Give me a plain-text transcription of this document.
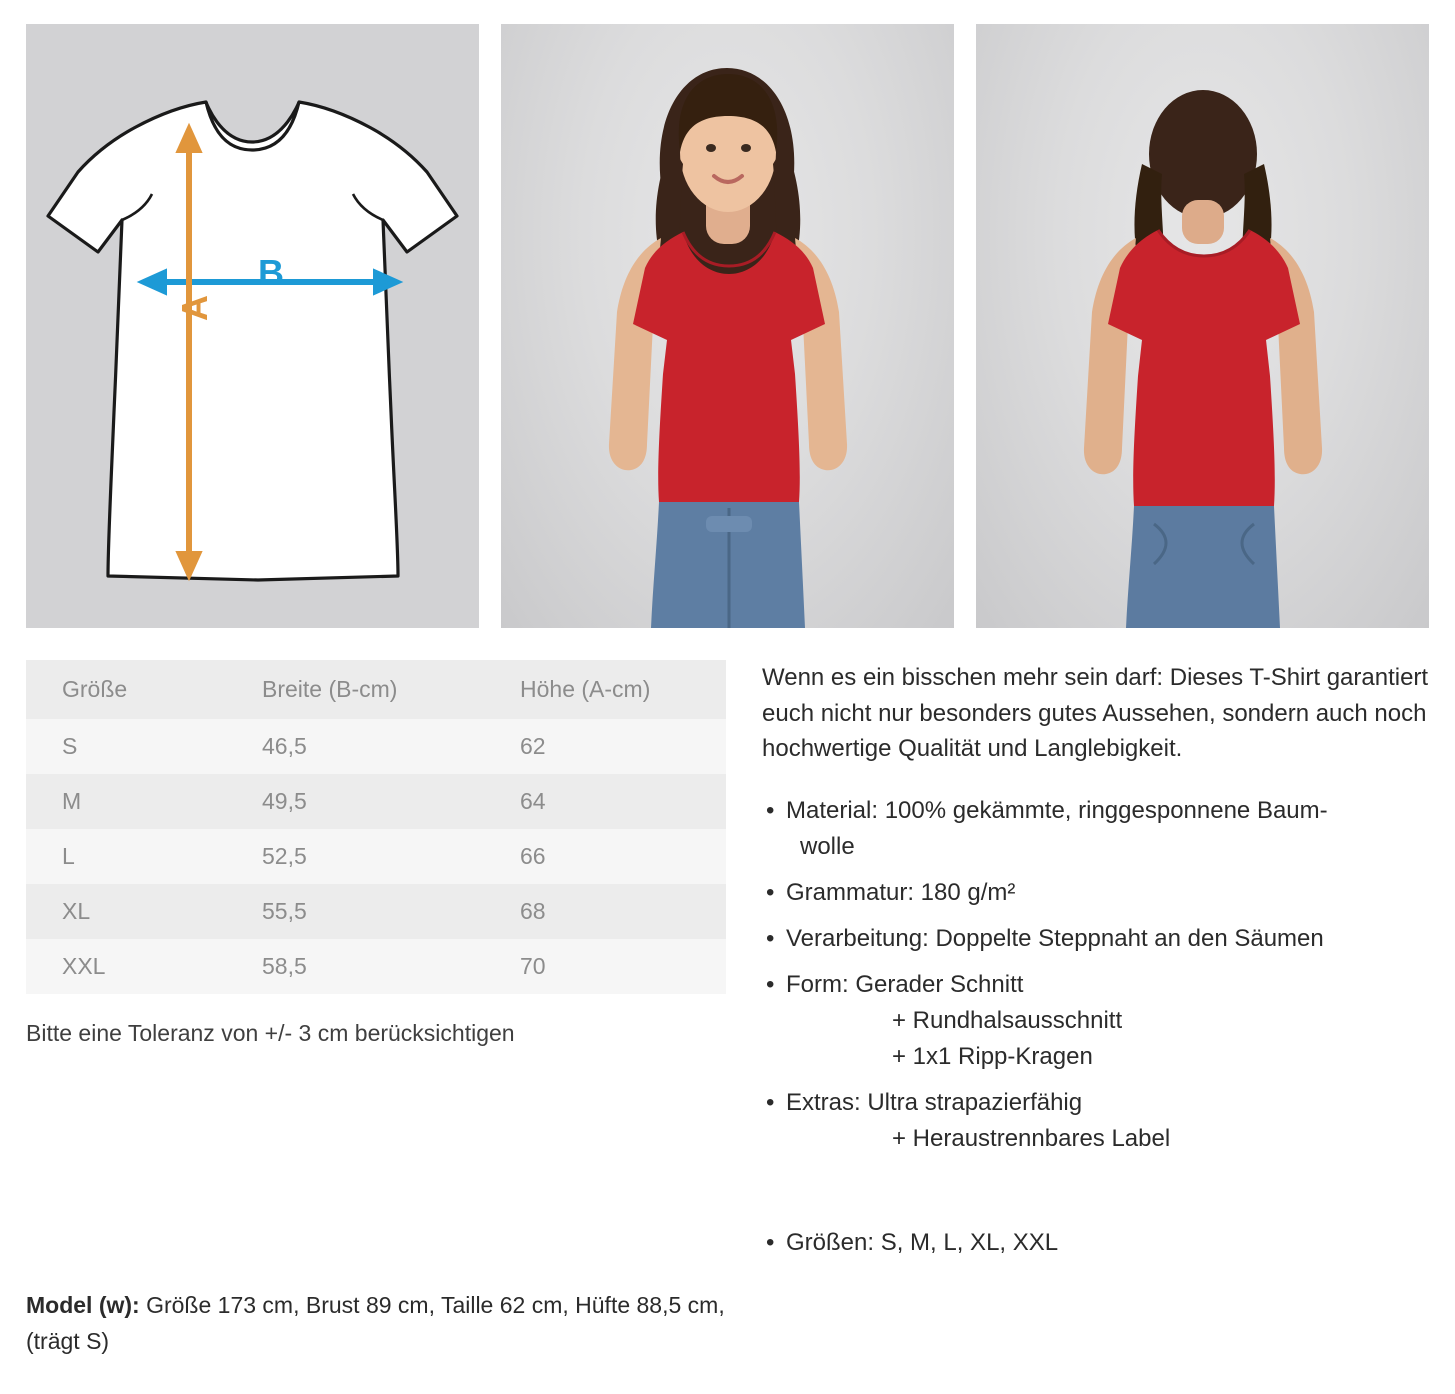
B
A
Größe	Breite (B-cm)	Höhe (A-cm)
S	46,5	62
M	49,5	64
L	52,5	66
XL	55,5	68
XXL	58,5	70
Bitte eine Toleranz von +/- 3 cm berücksichtigen

Wenn es ein bisschen mehr sein darf: Dieses T-Shirt garantiert euch nicht nur besonders gutes Aussehen, sondern auch noch hochwertige Qualität und Langlebigkeit.

• Material: 100% gekämmte, ringgesponnene Baum-
wolle
• Grammatur: 180 g/m²
• Verarbeitung: Doppelte Steppnaht an den Säumen
• Form: Gerader Schnitt
+ Rundhalsausschnitt
+ 1x1 Ripp-Kragen
• Extras: Ultra strapazierfähig
+ Heraustrennbares Label
• Größen: S, M, L, XL, XXL
Model (w): Größe 173 cm, Brust 89 cm, Taille 62 cm, Hüfte 88,5 cm, (trägt S)
